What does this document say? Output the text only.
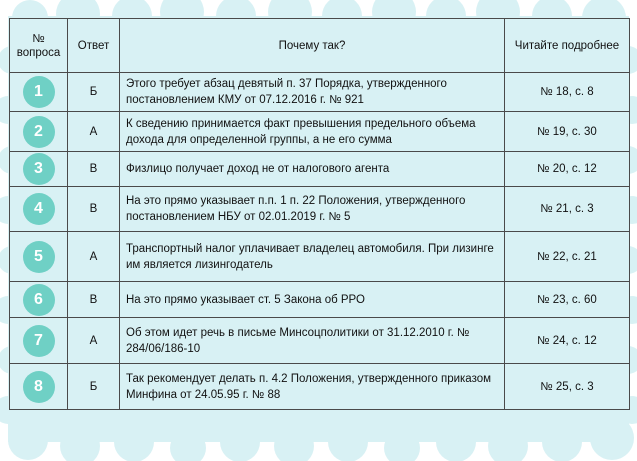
№ вопроса	Ответ	Почему так?	Читайте подробнее
1	Б	Этого требует абзац девятый п. 37 Порядка, утвержденного постановлением КМУ от 07.12.2016 г. № 921	№ 18, с. 8
2	А	К сведению принимается факт превышения предельного объема дохода для определенной группы, а не его сумма	№ 19, с. 30
3	В	Физлицо получает доход не от налогового агента	№ 20, с. 12
4	В	На это прямо указывает п.п. 1 п. 22 Положения, утвержденного постановлением НБУ от 02.01.2019 г. № 5	№ 21, с. 3
5	А	Транспортный налог уплачивает владелец автомобиля. При лизинге им является лизингодатель	№ 22, с. 21
6	В	На это прямо указывает ст. 5 Закона об РРО	№ 23, с. 60
7	А	Об этом идет речь в письме Минсоцполитики от 31.12.2010 г. № 284/06/186-10	№ 24, с. 12
8	Б	Так рекомендует делать п. 4.2 Положения, утвержденного приказом Минфина от 24.05.95 г. № 88	№ 25, с. 3
